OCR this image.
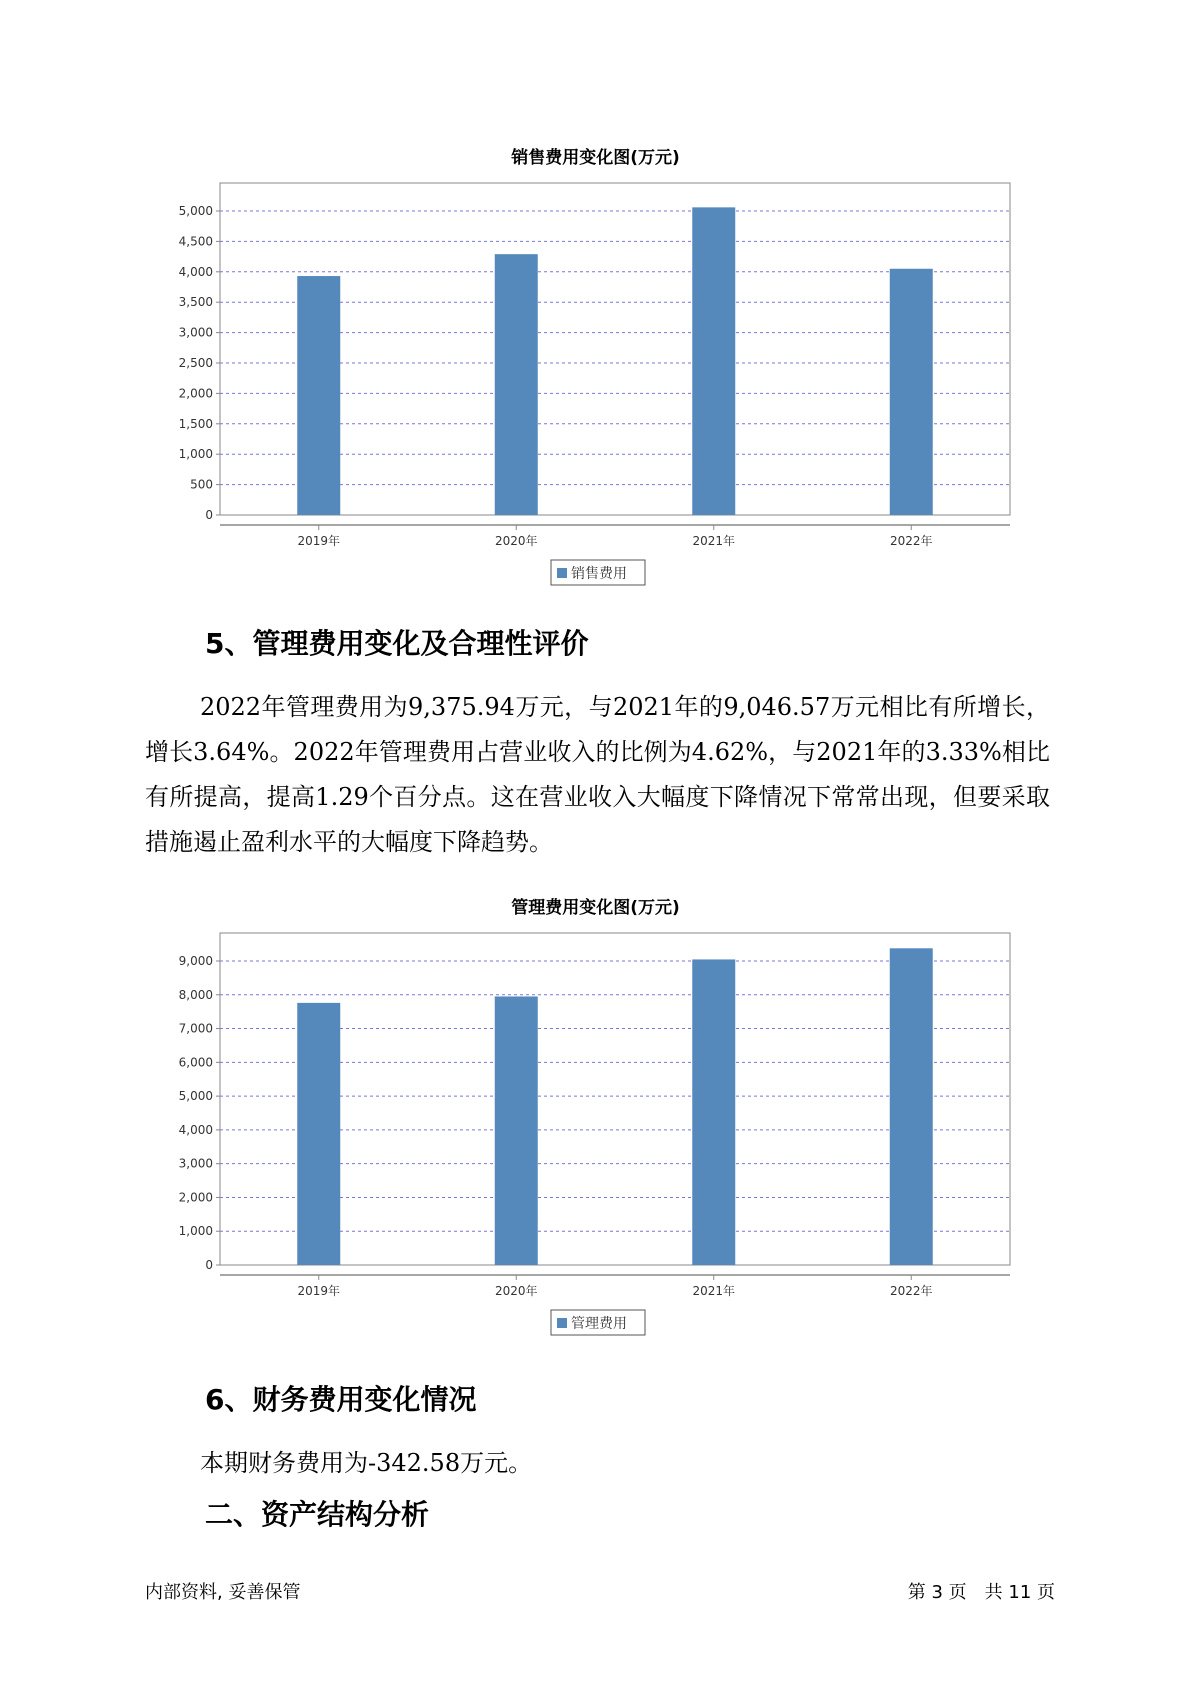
销售费用变化图(万元)
0
500
1,000
1,500
2,000
2,500
3,000
3,500
4,000
4,500
5,000
2019年	2020年	2021年	2022年
销售费用
5、管理费用变化及合理性评价
2022年管理费用为9,375.94万元，与2021年的9,046.57万元相比有所增长，增长3.64%。2022年管理费用占营业收入的比例为4.62%，与2021年的3.33%相比有所提高，提高1.29个百分点。这在营业收入大幅度下降情况下常常出现，但要采取措施遏止盈利水平的大幅度下降趋势。
管理费用变化图(万元)
0
1,000
2,000
3,000
4,000
5,000
6,000
7,000
8,000
9,000
2019年	2020年	2021年	2022年
管理费用
6、财务费用变化情况
本期财务费用为-342.58万元。
二、资产结构分析
内部资料, 妥善保管	第 3 页　共 11 页
